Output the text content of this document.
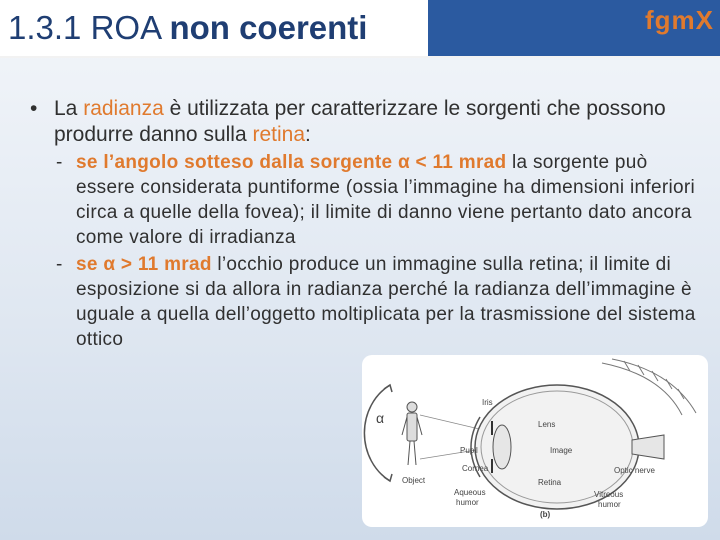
1.3.1 ROA non coerenti	fgmX
• La radianza è utilizzata per caratterizzare le sorgenti che possono produrre danno sulla retina:
- se l’angolo sotteso dalla sorgente α < 11 mrad la sorgente può essere considerata puntiforme (ossia l’immagine ha dimensioni inferiori circa a quelle della fovea); il limite di danno viene pertanto dato ancora come valore di irradianza
- se α > 11 mrad l’occhio produce un immagine sulla retina; il limite di esposizione si da allora in radianza perché la radianza dell’immagine è uguale a quella dell’oggetto moltiplicata per la trasmissione del sistema ottico
α
Object
Iris
Lens
Pupil	Image
Cornea
Retina
Optic nerve
Aqueous
humor
Vitreous
humor
(b)
